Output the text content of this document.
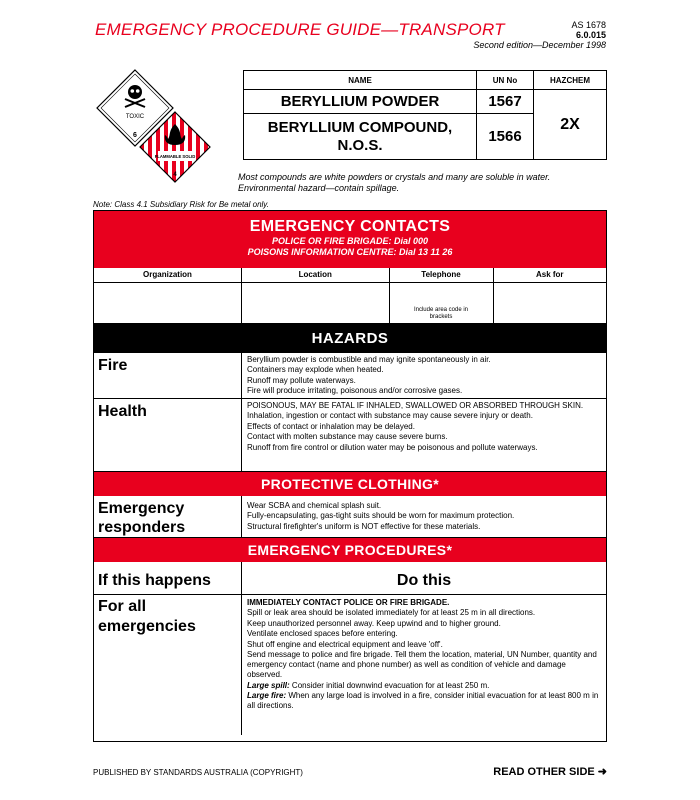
EMERGENCY PROCEDURE GUIDE—TRANSPORT	AS 1678
6.0.015
Second edition—December 1998
TOXIC
6
FLAMMABLE SOLID
4
NAME	UN No	HAZCHEM
BERYLLIUM POWDER	1567	2X
BERYLLIUM COMPOUND, N.O.S.	1566	
Most compounds are white powders or crystals and many are soluble in water. Environmental hazard—contain spillage.
Note: Class 4.1 Subsidiary Risk for Be metal only.
EMERGENCY CONTACTS
POLICE OR FIRE BRIGADE: Dial 000
POISONS INFORMATION CENTRE: Dial 13 11 26
Organization	Location	Telephone	Ask for

		Include area code in brackets	

HAZARDS
Fire	Beryllium powder is combustible and may ignite spontaneously in air.
Containers may explode when heated.
Runoff may pollute waterways.
Fire will produce irritating, poisonous and/or corrosive gases.
Health	POISONOUS, MAY BE FATAL IF INHALED, SWALLOWED OR ABSORBED THROUGH SKIN.
Inhalation, ingestion or contact with substance may cause severe injury or death.
Effects of contact or inhalation may be delayed.
Contact with molten substance may cause severe burns.
Runoff from fire control or dilution water may be poisonous and pollute waterways.
PROTECTIVE CLOTHING*
Emergency
responders
Wear SCBA and chemical splash suit.
Fully-encapsulating, gas-tight suits should be worn for maximum protection.
Structural firefighter's uniform is NOT effective for these materials.
EMERGENCY PROCEDURES*
If this happens	Do this
For all
emergencies
IMMEDIATELY CONTACT POLICE OR FIRE BRIGADE.
Spill or leak area should be isolated immediately for at least 25 m in all directions.
Keep unauthorized personnel away. Keep upwind and to higher ground.
Ventilate enclosed spaces before entering.
Shut off engine and electrical equipment and leave 'off'.
Send message to police and fire brigade. Tell them the location, material, UN Number, quantity and emergency contact (name and phone number) as well as condition of vehicle and damage observed.
Large spill: Consider initial downwind evacuation for at least 250 m.
Large fire: When any large load is involved in a fire, consider initial evacuation for at least 800 m in all directions.
PUBLISHED BY STANDARDS AUSTRALIA (COPYRIGHT)	READ OTHER SIDE ➜
